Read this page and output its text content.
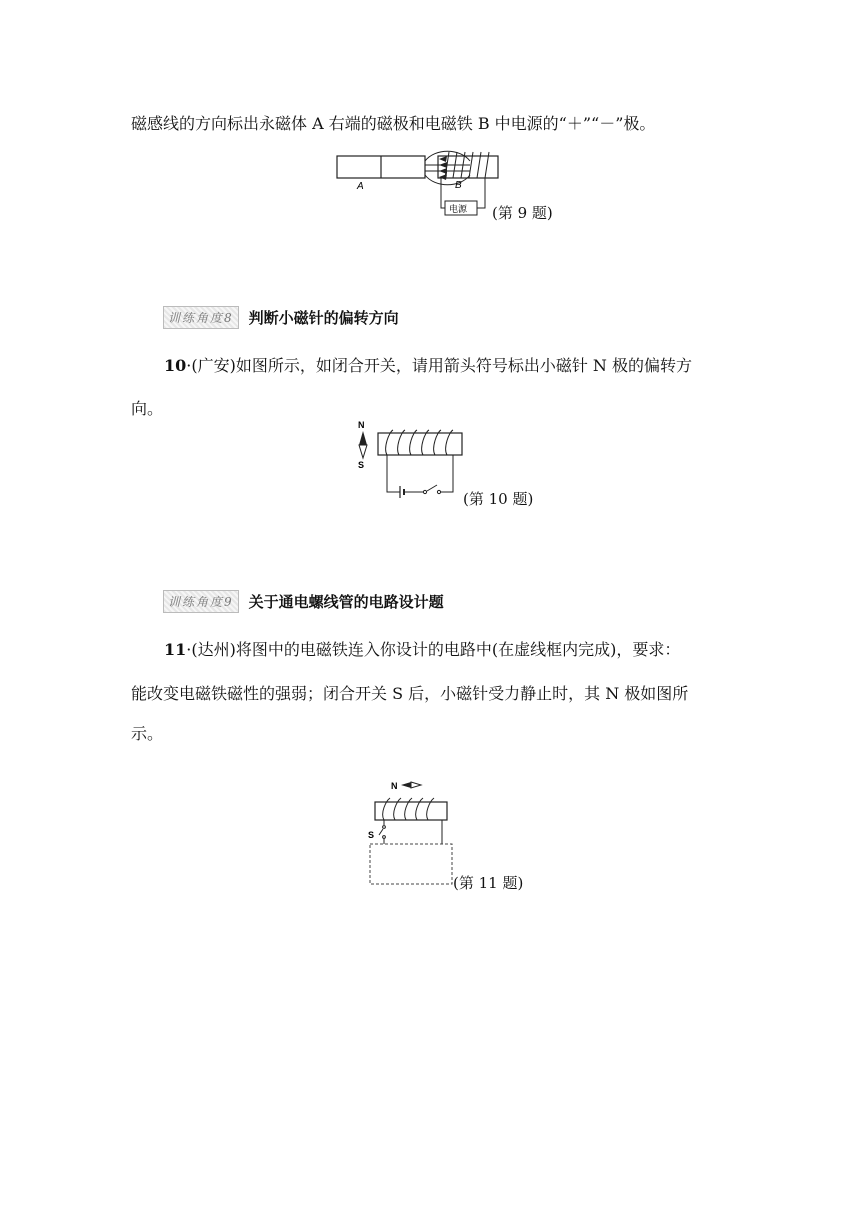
磁感线的方向标出永磁体 A 右端的磁极和电磁铁 B 中电源的“＋”“－”极。
A	B
电源 (第 9 题)
训练角度8	判断小磁针的偏转方向
10·(广安)如图所示，如闭合开关，请用箭头符号标出小磁针 N 极的偏转方
向。
N
S
(第 10 题)
训练角度9	关于通电螺线管的电路设计题
11·(达州)将图中的电磁铁连入你设计的电路中(在虚线框内完成)，要求：
能改变电磁铁磁性的强弱；闭合开关 S 后，小磁针受力静止时，其 N 极如图所
示。
N
S
(第 11 题)
